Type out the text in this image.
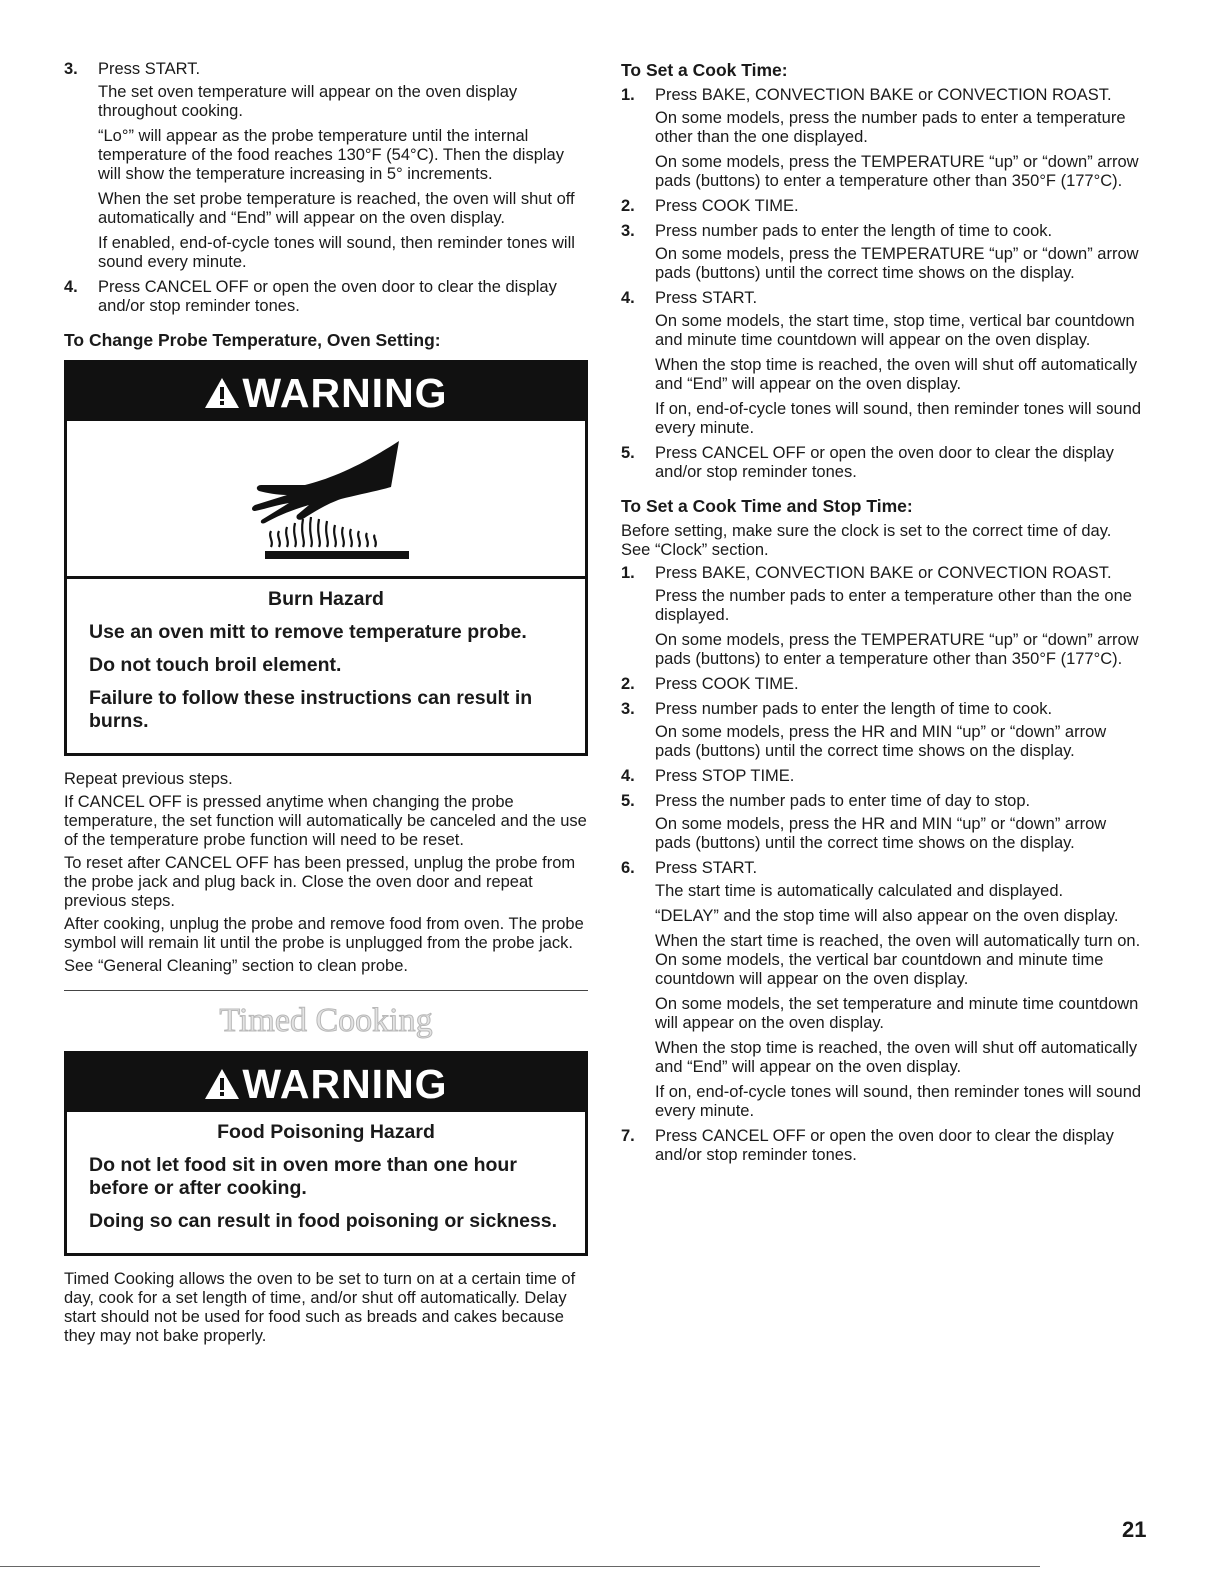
3. Press START.

The set oven temperature will appear on the oven display throughout cooking.

“Lo°” will appear as the probe temperature until the internal temperature of the food reaches 130°F (54°C). Then the display will show the temperature increasing in 5° increments.

When the set probe temperature is reached, the oven will shut off automatically and “End” will appear on the oven display.

If enabled, end-of-cycle tones will sound, then reminder tones will sound every minute.

4. Press CANCEL OFF or open the oven door to clear the display and/or stop reminder tones.

To Change Probe Temperature, Oven Setting:
WARNING

Burn Hazard

Use an oven mitt to remove temperature probe.

Do not touch broil element.

Failure to follow these instructions can result in burns.

Repeat previous steps.

If CANCEL OFF is pressed anytime when changing the probe temperature, the set function will automatically be canceled and the use of the temperature probe function will need to be reset.

To reset after CANCEL OFF has been pressed, unplug the probe from the probe jack and plug back in. Close the oven door and repeat previous steps.

After cooking, unplug the probe and remove food from oven. The probe symbol will remain lit until the probe is unplugged from the probe jack.

See “General Cleaning” section to clean probe.

Timed Cooking
WARNING

Food Poisoning Hazard

Do not let food sit in oven more than one hour before or after cooking.

Doing so can result in food poisoning or sickness.

Timed Cooking allows the oven to be set to turn on at a certain time of day, cook for a set length of time, and/or shut off automatically. Delay start should not be used for food such as breads and cakes because they may not bake properly.

To Set a Cook Time:
1. Press BAKE, CONVECTION BAKE or CONVECTION ROAST.

On some models, press the number pads to enter a temperature other than the one displayed.

On some models, press the TEMPERATURE “up” or “down” arrow pads (buttons) to enter a temperature other than 350°F (177°C).

2. Press COOK TIME.

3. Press number pads to enter the length of time to cook.

On some models, press the TEMPERATURE “up” or “down” arrow pads (buttons) until the correct time shows on the display.

4. Press START.

On some models, the start time, stop time, vertical bar countdown and minute time countdown will appear on the oven display.

When the stop time is reached, the oven will shut off automatically and “End” will appear on the oven display.

If on, end-of-cycle tones will sound, then reminder tones will sound every minute.

5. Press CANCEL OFF or open the oven door to clear the display and/or stop reminder tones.

To Set a Cook Time and Stop Time:

Before setting, make sure the clock is set to the correct time of day. See “Clock” section.

1. Press BAKE, CONVECTION BAKE or CONVECTION ROAST.

Press the number pads to enter a temperature other than the one displayed.

On some models, press the TEMPERATURE “up” or “down” arrow pads (buttons) to enter a temperature other than 350°F (177°C).

2. Press COOK TIME.

3. Press number pads to enter the length of time to cook.

On some models, press the HR and MIN “up” or “down” arrow pads (buttons) until the correct time shows on the display.

4. Press STOP TIME.

5. Press the number pads to enter time of day to stop.

On some models, press the HR and MIN “up” or “down” arrow pads (buttons) until the correct time shows on the display.

6. Press START.

The start time is automatically calculated and displayed.

“DELAY” and the stop time will also appear on the oven display.

When the start time is reached, the oven will automatically turn on. On some models, the vertical bar countdown and minute time countdown will appear on the oven display.

On some models, the set temperature and minute time countdown will appear on the oven display.

When the stop time is reached, the oven will shut off automatically and “End” will appear on the oven display.

If on, end-of-cycle tones will sound, then reminder tones will sound every minute.

7. Press CANCEL OFF or open the oven door to clear the display and/or stop reminder tones.

21
